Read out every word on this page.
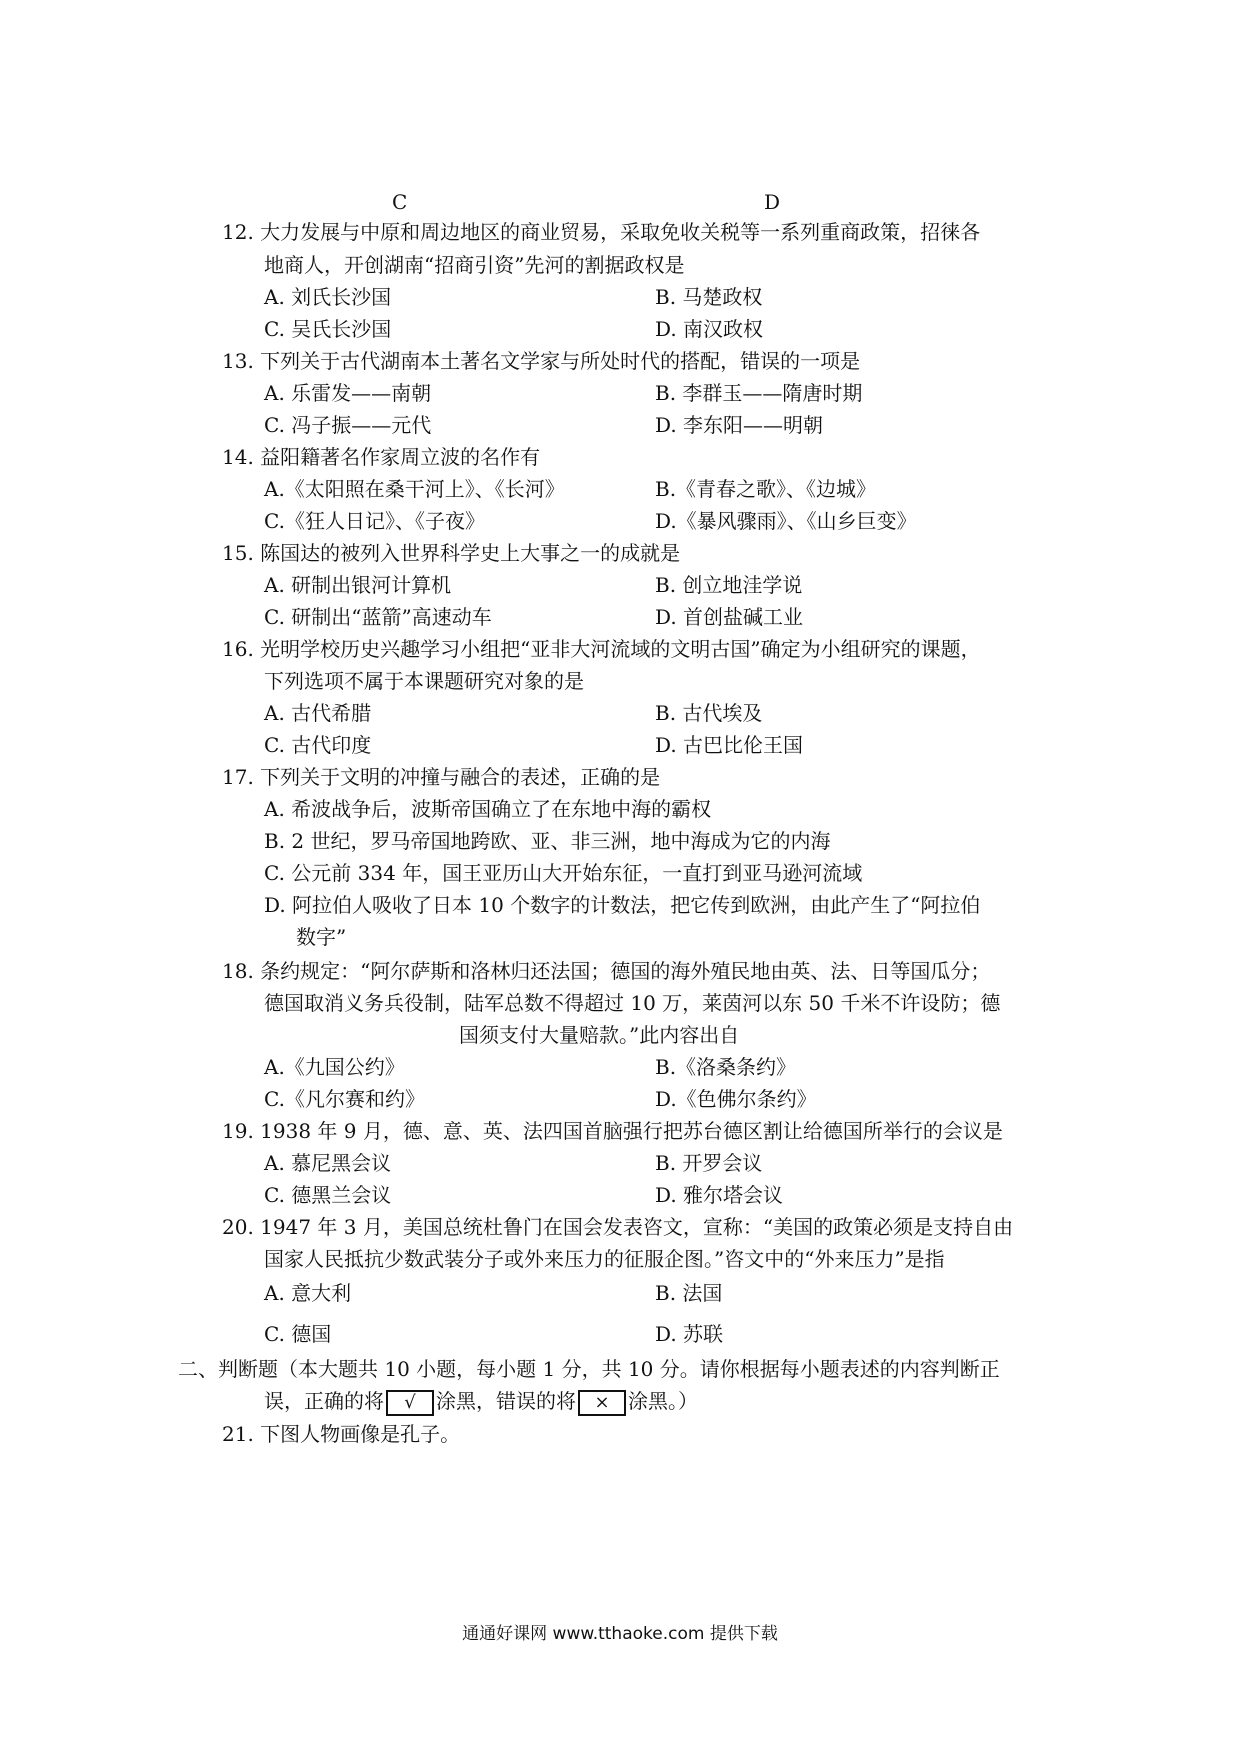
C	D
12. 大力发展与中原和周边地区的商业贸易，采取免收关税等一系列重商政策，招徕各
地商人，开创湖南“招商引资”先河的割据政权是
A. 刘氏长沙国	B. 马楚政权
C. 吴氏长沙国	D. 南汉政权
13. 下列关于古代湖南本土著名文学家与所处时代的搭配，错误的一项是
A. 乐雷发——南朝	B. 李群玉——隋唐时期
C. 冯子振——元代	D. 李东阳——明朝
14. 益阳籍著名作家周立波的名作有
A.《太阳照在桑干河上》、《长河》	B.《青春之歌》、《边城》
C.《狂人日记》、《子夜》	D.《暴风骤雨》、《山乡巨变》
15. 陈国达的被列入世界科学史上大事之一的成就是
A. 研制出银河计算机	B. 创立地洼学说
C. 研制出“蓝箭”高速动车	D. 首创盐碱工业
16. 光明学校历史兴趣学习小组把“亚非大河流域的文明古国”确定为小组研究的课题，
下列选项不属于本课题研究对象的是
A. 古代希腊	B. 古代埃及
C. 古代印度	D. 古巴比伦王国
17. 下列关于文明的冲撞与融合的表述，正确的是
A. 希波战争后，波斯帝国确立了在东地中海的霸权
B. 2 世纪，罗马帝国地跨欧、亚、非三洲，地中海成为它的内海
C. 公元前 334 年，国王亚历山大开始东征，一直打到亚马逊河流域
D. 阿拉伯人吸收了日本 10 个数字的计数法，把它传到欧洲，由此产生了“阿拉伯
数字”
18. 条约规定：“阿尔萨斯和洛林归还法国；德国的海外殖民地由英、法、日等国瓜分；
德国取消义务兵役制，陆军总数不得超过 10 万，莱茵河以东 50 千米不许设防；德
国须支付大量赔款。”此内容出自
A.《九国公约》	B.《洛桑条约》
C.《凡尔赛和约》	D.《色佛尔条约》
19. 1938 年 9 月，德、意、英、法四国首脑强行把苏台德区割让给德国所举行的会议是
A. 慕尼黑会议	B. 开罗会议
C. 德黑兰会议	D. 雅尔塔会议
20. 1947 年 3 月，美国总统杜鲁门在国会发表咨文，宣称：“美国的政策必须是支持自由
国家人民抵抗少数武装分子或外来压力的征服企图。”咨文中的“外来压力”是指
A. 意大利	B. 法国
C. 德国	D. 苏联
二、判断题（本大题共 10 小题，每小题 1 分，共 10 分。请你根据每小题表述的内容判断正
误，正确的将 √ 涂黑，错误的将 × 涂黑。）
21. 下图人物画像是孔子。
通通好课网 www.tthaoke.com 提供下载
